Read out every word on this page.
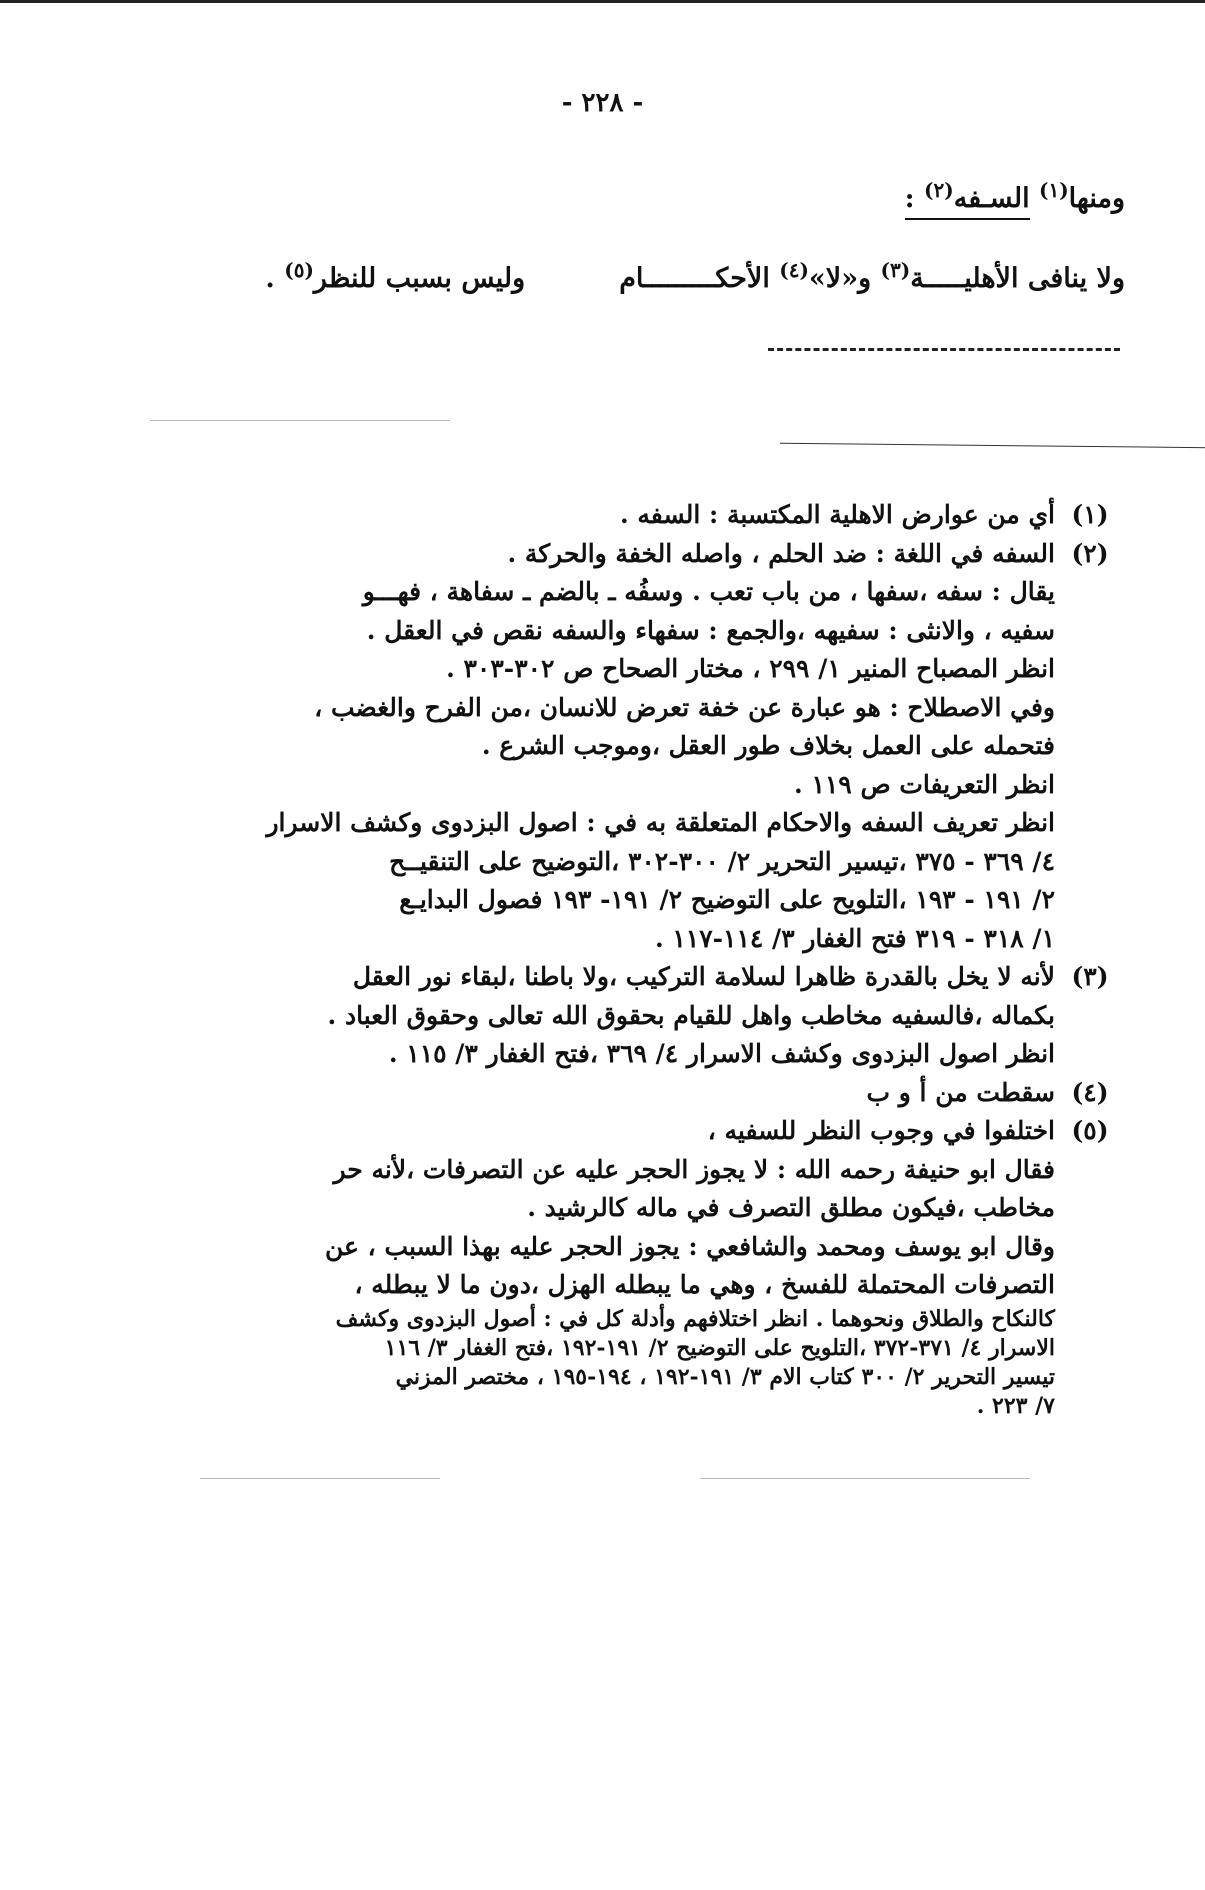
- ٢٢٨ -
ومنها$^{(١)}$ السـفه$^{(٢)}$ :
ولا ينافى الأهليـــــة$^{(٣)}$ و«لا»$^{(٤)}$ الأحكـــــــــام          وليس بسبب للنظر$^{(٥)}$ .
(١)
أي من عوارض الاهلية المكتسبة : السفه .
(٢)
السفه في اللغة : ضد الحلم ، واصله الخفة والحركة .
يقال : سفه ،سفها ، من باب تعب . وسفُه ـ بالضم ـ سفاهة ، فهـــو
سفيه ، والانثى : سفيهه ،والجمع : سفهاء والسفه نقص في العقل .
انظر المصباح المنير ١/ ٢٩٩ ، مختار الصحاح ص ٣٠٢-٣٠٣ .
وفي الاصطلاح : هو عبارة عن خفة تعرض للانسان ،من الفرح والغضب ،
فتحمله على العمل بخلاف طور العقل ،وموجب الشرع .
انظر التعريفات ص ١١٩ .
انظر تعريف السفه والاحكام المتعلقة به في : اصول البزدوى وكشف الاسرار
٤/ ٣٦٩ - ٣٧٥ ،تيسير التحرير ٢/ ٣٠٠-٣٠٢ ،التوضيح على التنقيــح
٢/ ١٩١ - ١٩٣ ،التلويح على التوضيح ٢/ ١٩١- ١٩٣ فصول البدايـع
١/ ٣١٨ - ٣١٩ فتح الغفار ٣/ ١١٤-١١٧ .
(٣)
لأنه لا يخل بالقدرة ظاهرا لسلامة التركيب ،ولا باطنا ،لبقاء نور العقل
بكماله ،فالسفيه مخاطب واهل للقيام بحقوق الله تعالى وحقوق العباد .
انظر اصول البزدوى وكشف الاسرار ٤/ ٣٦٩ ،فتح الغفار ٣/ ١١٥ .
(٤)
سقطت من أ و ب
(٥)
اختلفوا في وجوب النظر للسفيه ،
فقال ابو حنيفة رحمه الله : لا يجوز الحجر عليه عن التصرفات ،لأنه حر
مخاطب ،فيكون مطلق التصرف في ماله كالرشيد .
وقال ابو يوسف ومحمد والشافعي : يجوز الحجر عليه بهذا السبب ، عن
التصرفات المحتملة للفسخ ، وهي ما يبطله الهزل ،دون ما لا يبطله ،
كالنكاح والطلاق ونحوهما . انظر اختلافهم وأدلة كل في : أصول البزدوى وكشف
الاسرار ٤/ ٣٧١-٣٧٢ ،التلويح على التوضيح ٢/ ١٩١-١٩٢ ،فتح الغفار ٣/ ١١٦
تيسير التحرير ٢/ ٣٠٠ كتاب الام ٣/ ١٩١-١٩٢ ، ١٩٤-١٩٥ ، مختصر المزني
٧/ ٢٢٣ .
